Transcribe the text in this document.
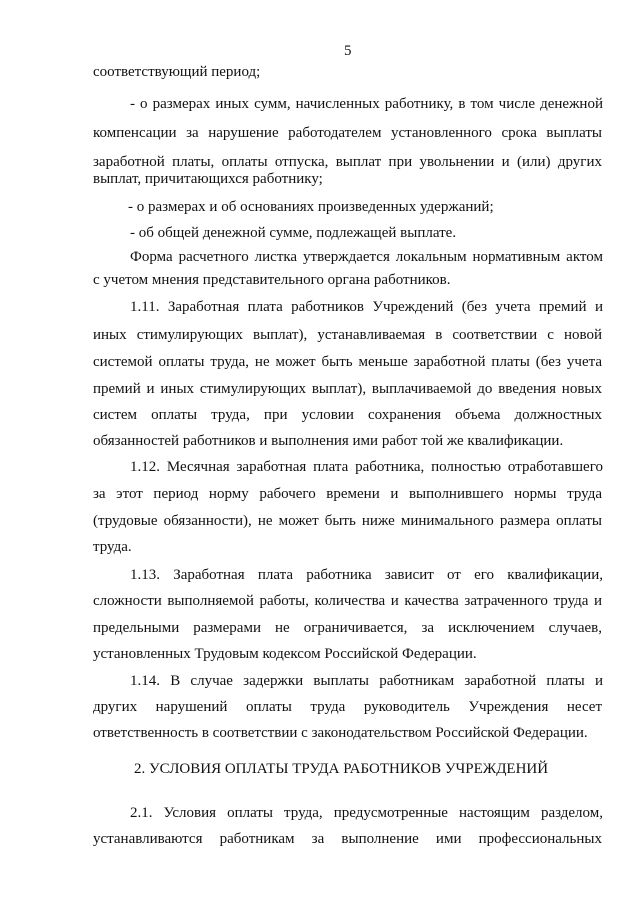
5
соответствующий период;
- о размерах иных сумм, начисленных работнику, в том числе денежной
компенсации за нарушение работодателем установленного срока выплаты
заработной платы, оплаты отпуска, выплат при увольнении и (или) других
выплат, причитающихся работнику;
- о размерах и об основаниях произведенных удержаний;
- об общей денежной сумме, подлежащей выплате.
Форма расчетного листка утверждается локальным нормативным актом
с учетом мнения представительного органа работников.
1.11. Заработная плата работников Учреждений (без учета премий и
иных стимулирующих выплат), устанавливаемая в соответствии с новой
системой оплаты труда, не может быть меньше заработной платы (без учета
премий и иных стимулирующих выплат), выплачиваемой до введения новых
систем оплаты труда, при условии сохранения объема должностных
обязанностей работников и выполнения ими работ той же квалификации.
1.12. Месячная заработная плата работника, полностью отработавшего
за этот период норму рабочего времени и выполнившего нормы труда
(трудовые обязанности), не может быть ниже минимального размера оплаты
труда.
1.13. Заработная плата работника зависит от его квалификации,
сложности выполняемой работы, количества и качества затраченного труда и
предельными размерами не ограничивается, за исключением случаев,
установленных Трудовым кодексом Российской Федерации.
1.14. В случае задержки выплаты работникам заработной платы и
других нарушений оплаты труда руководитель Учреждения несет
ответственность в соответствии с законодательством Российской Федерации.
2. УСЛОВИЯ ОПЛАТЫ ТРУДА РАБОТНИКОВ УЧРЕЖДЕНИЙ
2.1. Условия оплаты труда, предусмотренные настоящим разделом,
устанавливаются работникам за выполнение ими профессиональных
